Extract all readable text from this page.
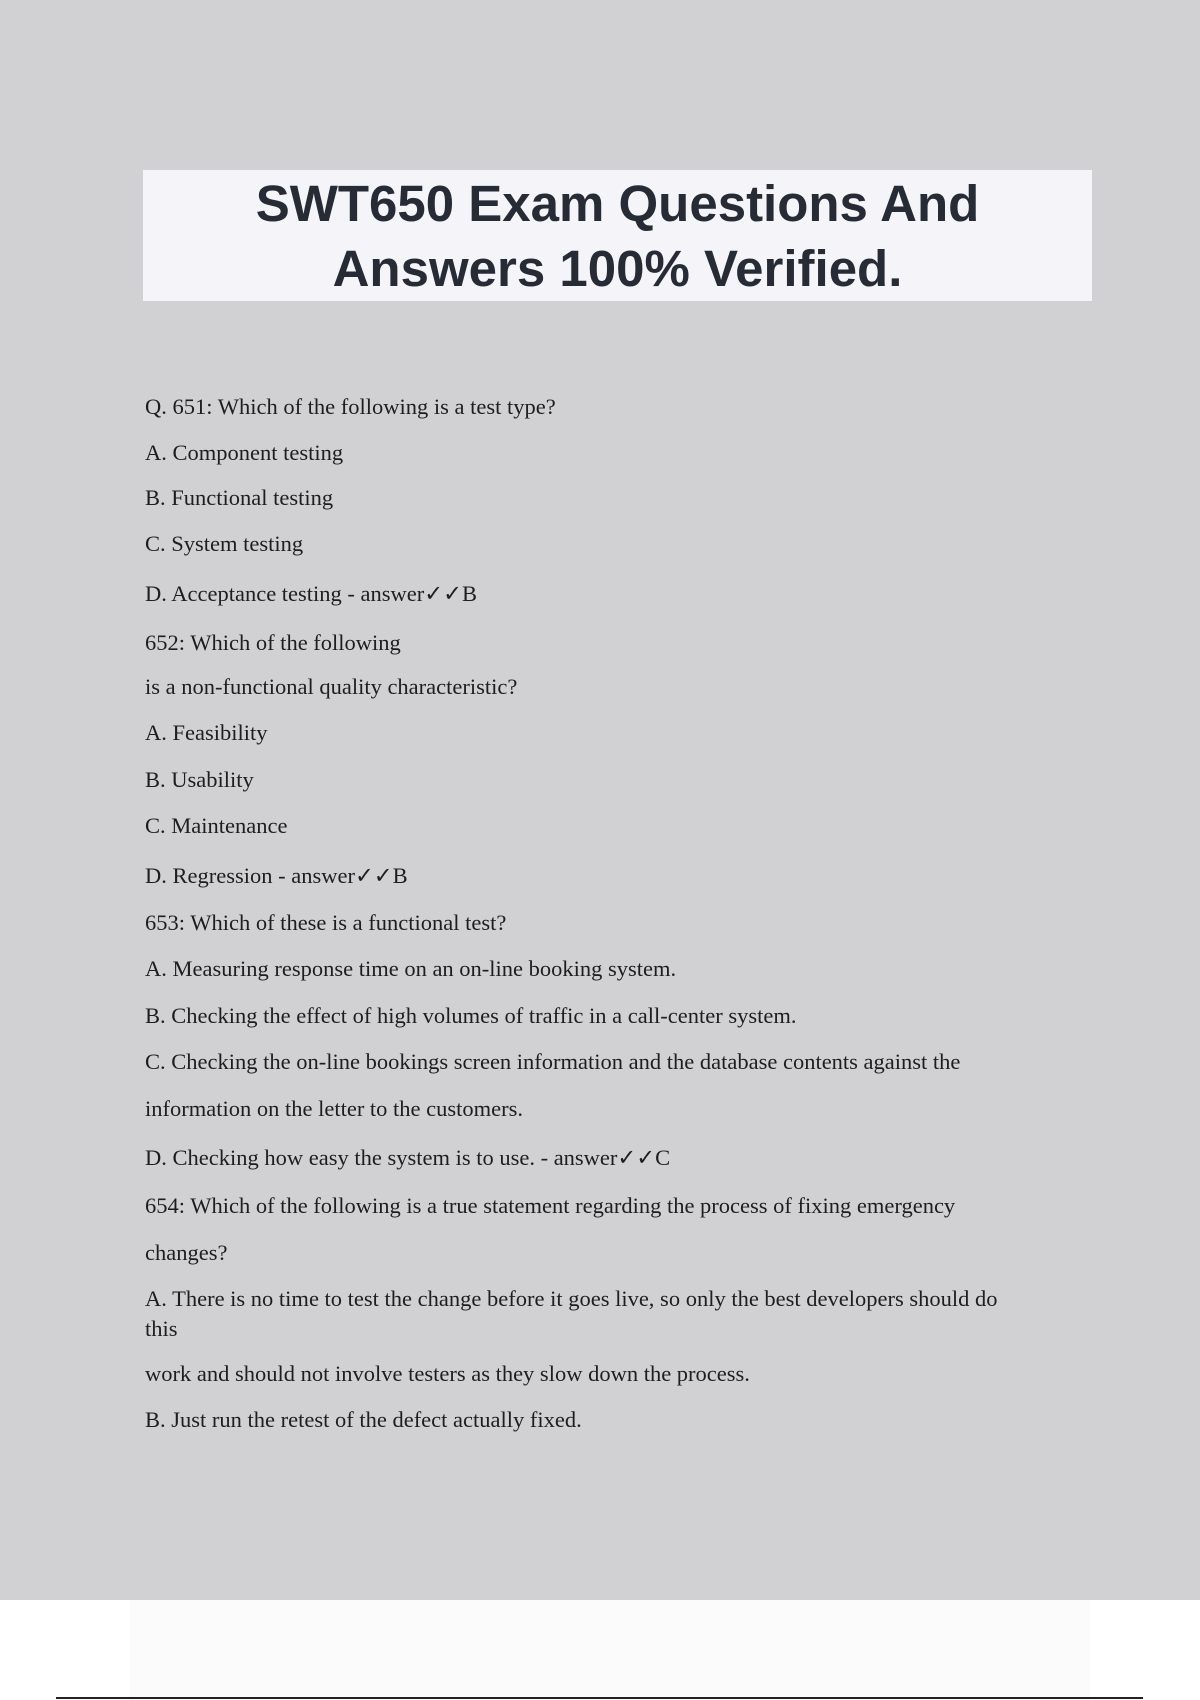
SWT650 Exam Questions And
Answers 100% Verified.
Q. 651: Which of the following is a test type?
A. Component testing
B. Functional testing
C. System testing
D. Acceptance testing - answer✓✓B
652: Which of the following
is a non-functional quality characteristic?
A. Feasibility
B. Usability
C. Maintenance
D. Regression - answer✓✓B
653: Which of these is a functional test?
A. Measuring response time on an on-line booking system.
B. Checking the effect of high volumes of traffic in a call-center system.
C. Checking the on-line bookings screen information and the database contents against the
information on the letter to the customers.
D. Checking how easy the system is to use. - answer✓✓C
654: Which of the following is a true statement regarding the process of fixing emergency
changes?
A. There is no time to test the change before it goes live, so only the best developers should do
this
work and should not involve testers as they slow down the process.
B. Just run the retest of the defect actually fixed.
